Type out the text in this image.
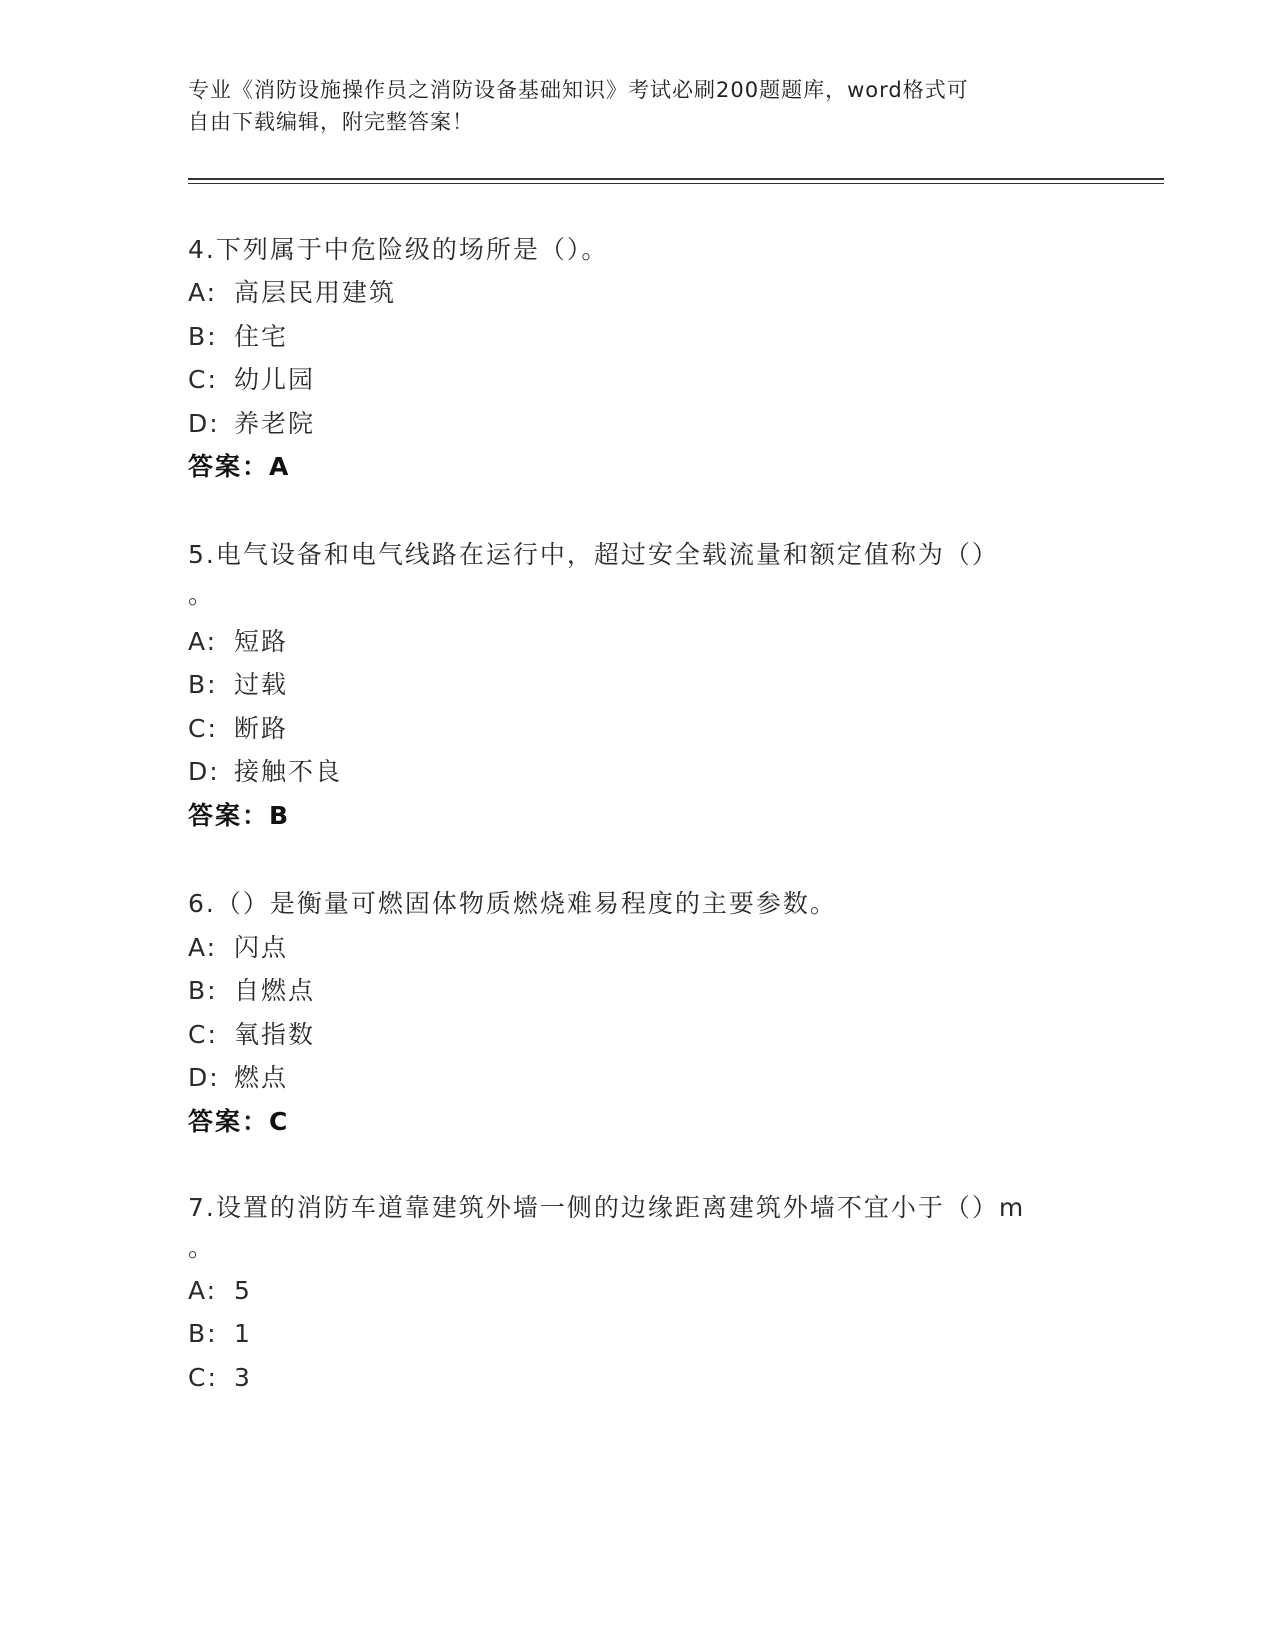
专业《消防设施操作员之消防设备基础知识》考试必刷200题题库，word格式可
自由下载编辑，附完整答案！
4.下列属于中危险级的场所是（）。
A: 高层民用建筑
B: 住宅
C: 幼儿园
D: 养老院
答案：A
5.电气设备和电气线路在运行中，超过安全载流量和额定值称为（）
。
A: 短路
B: 过载
C: 断路
D: 接触不良
答案：B
6.（）是衡量可燃固体物质燃烧难易程度的主要参数。
A: 闪点
B: 自燃点
C: 氧指数
D: 燃点
答案：C
7.设置的消防车道靠建筑外墙一侧的边缘距离建筑外墙不宜小于（）m
。
A: 5
B: 1
C: 3
